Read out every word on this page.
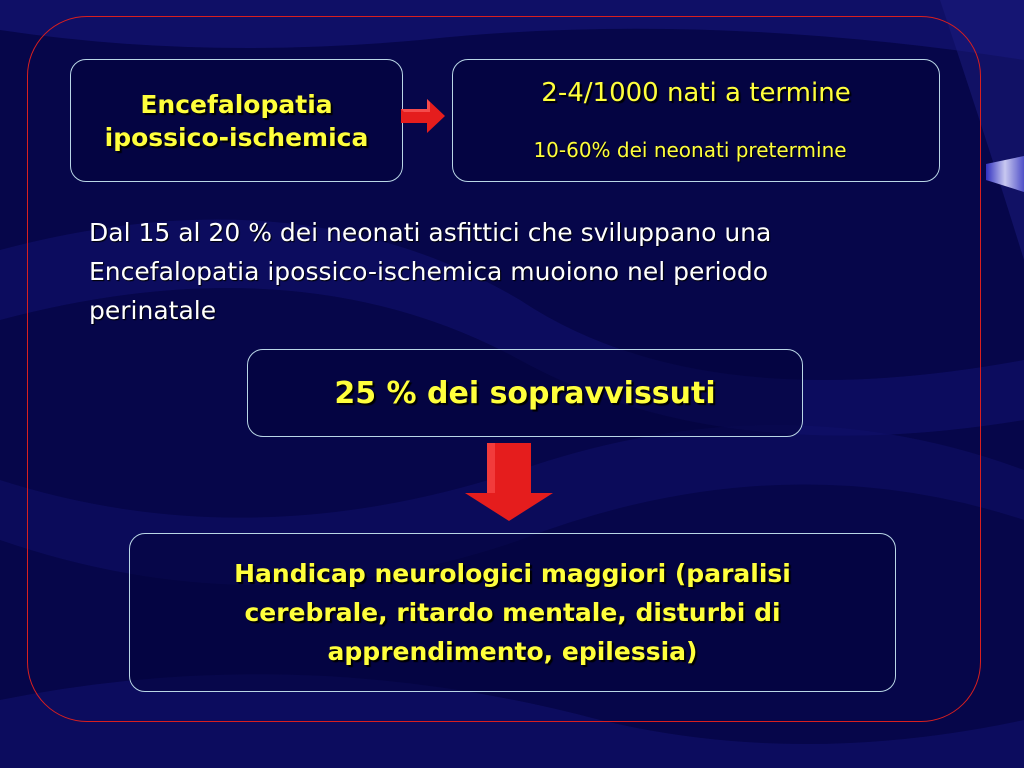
Encefalopatia
ipossico-ischemica
2-4/1000 nati a termine
10-60% dei neonati pretermine
Dal 15 al 20 % dei neonati asfittici che sviluppano una
Encefalopatia ipossico-ischemica muoiono nel periodo
perinatale
25 % dei sopravvissuti
Handicap neurologici maggiori (paralisi
cerebrale, ritardo mentale, disturbi di
apprendimento, epilessia)
